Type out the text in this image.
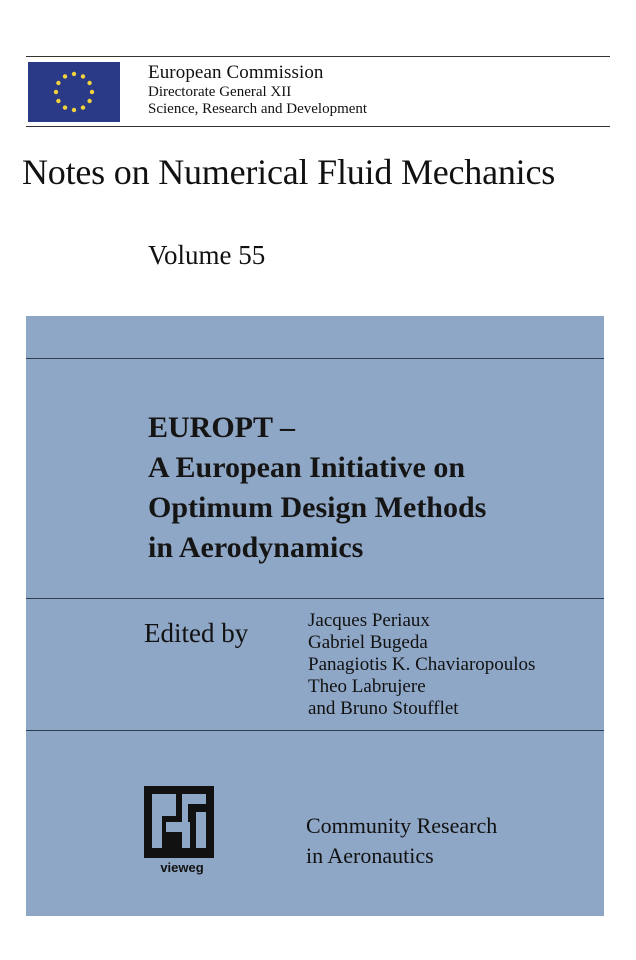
European Commission
Directorate General XII
Science, Research and Development
Notes on Numerical Fluid Mechanics
Volume 55
EUROPT –
A European Initiative on
Optimum Design Methods
in Aerodynamics
Edited by	Jacques Periaux
Gabriel Bugeda
Panagiotis K. Chaviaropoulos
Theo Labrujere
and Bruno Stoufflet
vieweg
Community Research
in Aeronautics
